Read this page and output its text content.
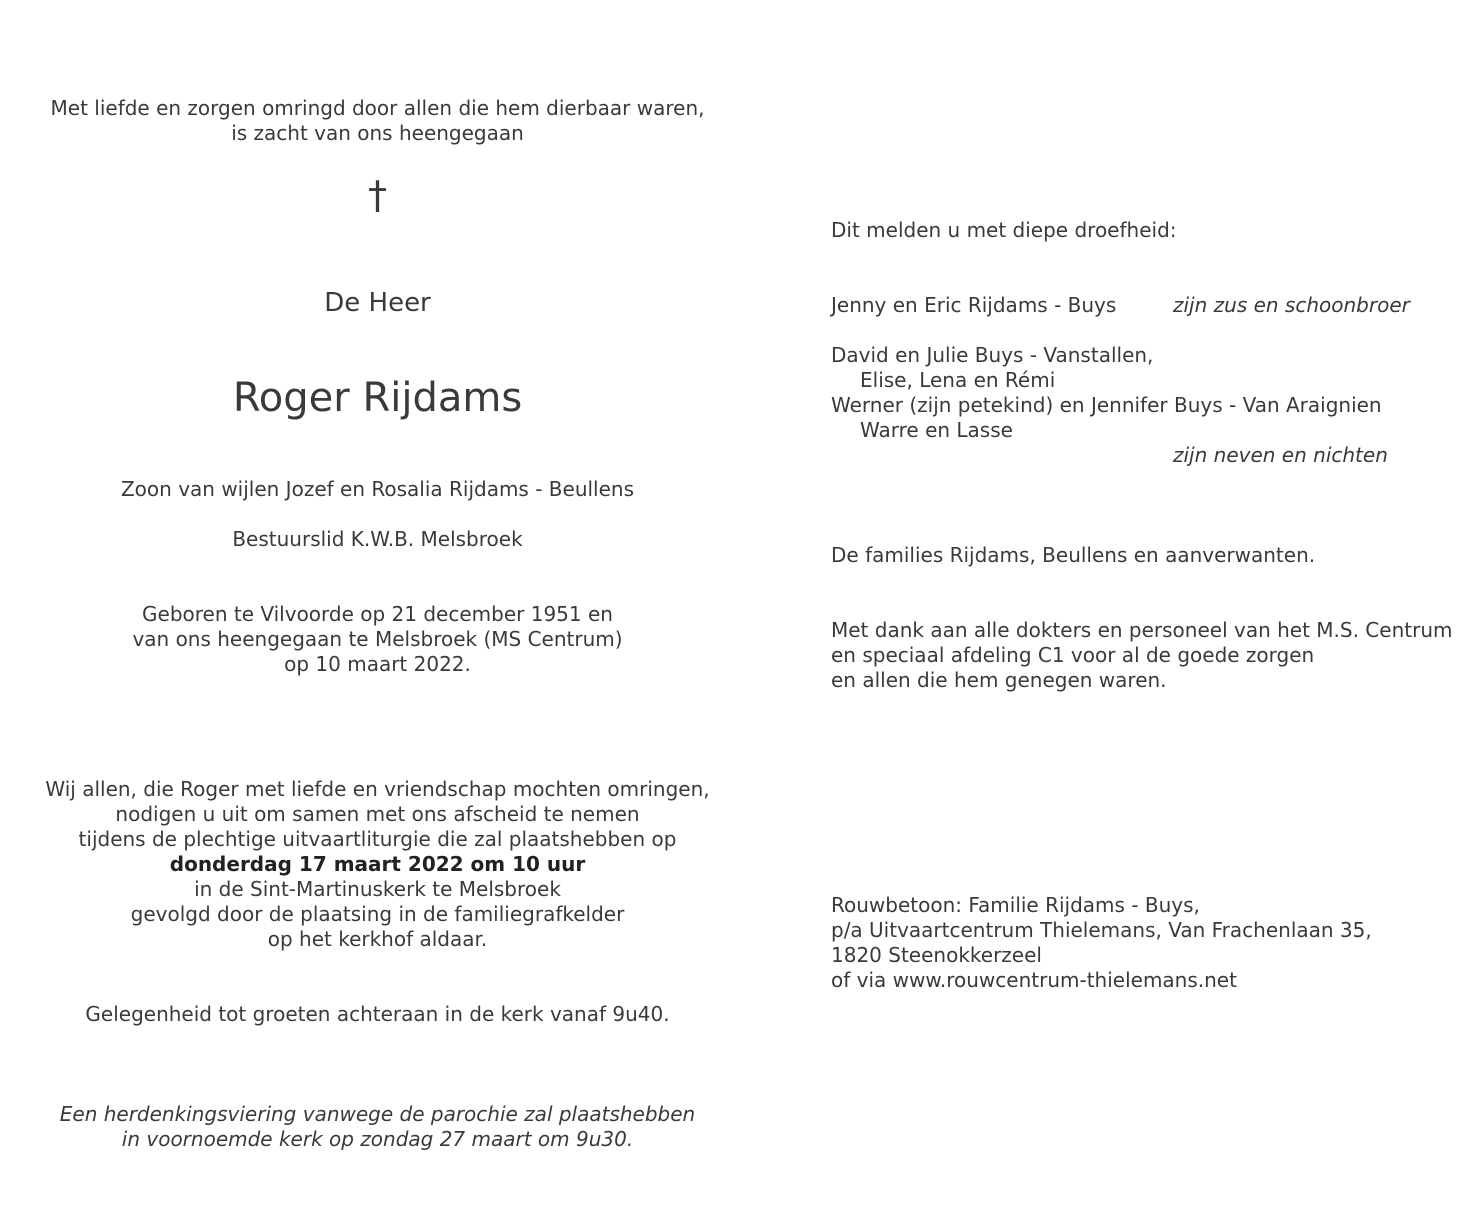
Met liefde en zorgen omringd door allen die hem dierbaar waren,
is zacht van ons heengegaan
†
De Heer
Roger Rijdams
Zoon van wijlen Jozef en Rosalia Rijdams - Beullens
Bestuurslid K.W.B. Melsbroek
Geboren te Vilvoorde op 21 december 1951 en
van ons heengegaan te Melsbroek (MS Centrum)
op 10 maart 2022.
Wij allen, die Roger met liefde en vriendschap mochten omringen,
nodigen u uit om samen met ons afscheid te nemen
tijdens de plechtige uitvaartliturgie die zal plaatshebben op
donderdag 17 maart 2022 om 10 uur
in de Sint-Martinuskerk te Melsbroek
gevolgd door de plaatsing in de familiegrafkelder
op het kerkhof aldaar.
Gelegenheid tot groeten achteraan in de kerk vanaf 9u40.
Een herdenkingsviering vanwege de parochie zal plaatshebben
in voornoemde kerk op zondag 27 maart om 9u30.
Dit melden u met diepe droefheid:
Jenny en Eric Rijdams - Buys	zijn zus en schoonbroer
David en Julie Buys - Vanstallen,
Elise, Lena en Rémi
Werner (zijn petekind) en Jennifer Buys - Van Araignien
Warre en Lasse
zijn neven en nichten
De families Rijdams, Beullens en aanverwanten.
Met dank aan alle dokters en personeel van het M.S. Centrum
en speciaal afdeling C1 voor al de goede zorgen
en allen die hem genegen waren.
Rouwbetoon: Familie Rijdams - Buys,
p/a Uitvaartcentrum Thielemans, Van Frachenlaan 35,
1820 Steenokkerzeel
of via www.rouwcentrum-thielemans.net
